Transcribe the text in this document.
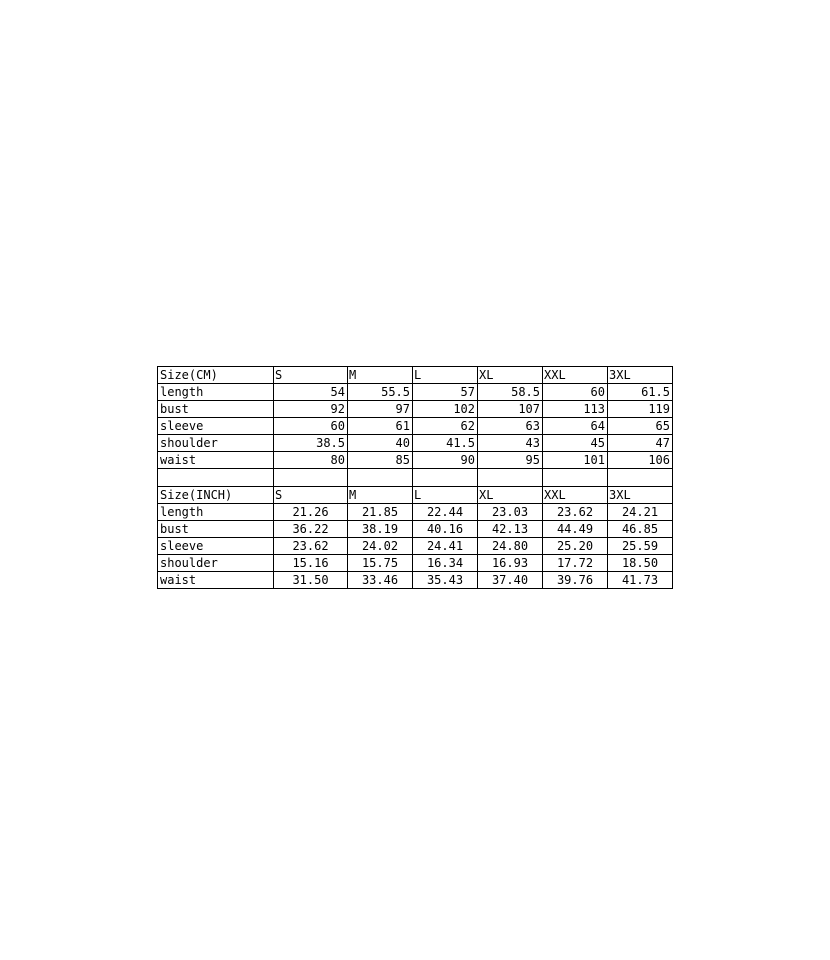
Size(CM)	S	M	L	XL	XXL	3XL
length	54	55.5	57	58.5	60	61.5
bust	92	97	102	107	113	119
sleeve	60	61	62	63	64	65
shoulder	38.5	40	41.5	43	45	47
waist	80	85	90	95	101	106

Size(INCH)	S	M	L	XL	XXL	3XL
length	21.26	21.85	22.44	23.03	23.62	24.21
bust	36.22	38.19	40.16	42.13	44.49	46.85
sleeve	23.62	24.02	24.41	24.80	25.20	25.59
shoulder	15.16	15.75	16.34	16.93	17.72	18.50
waist	31.50	33.46	35.43	37.40	39.76	41.73
